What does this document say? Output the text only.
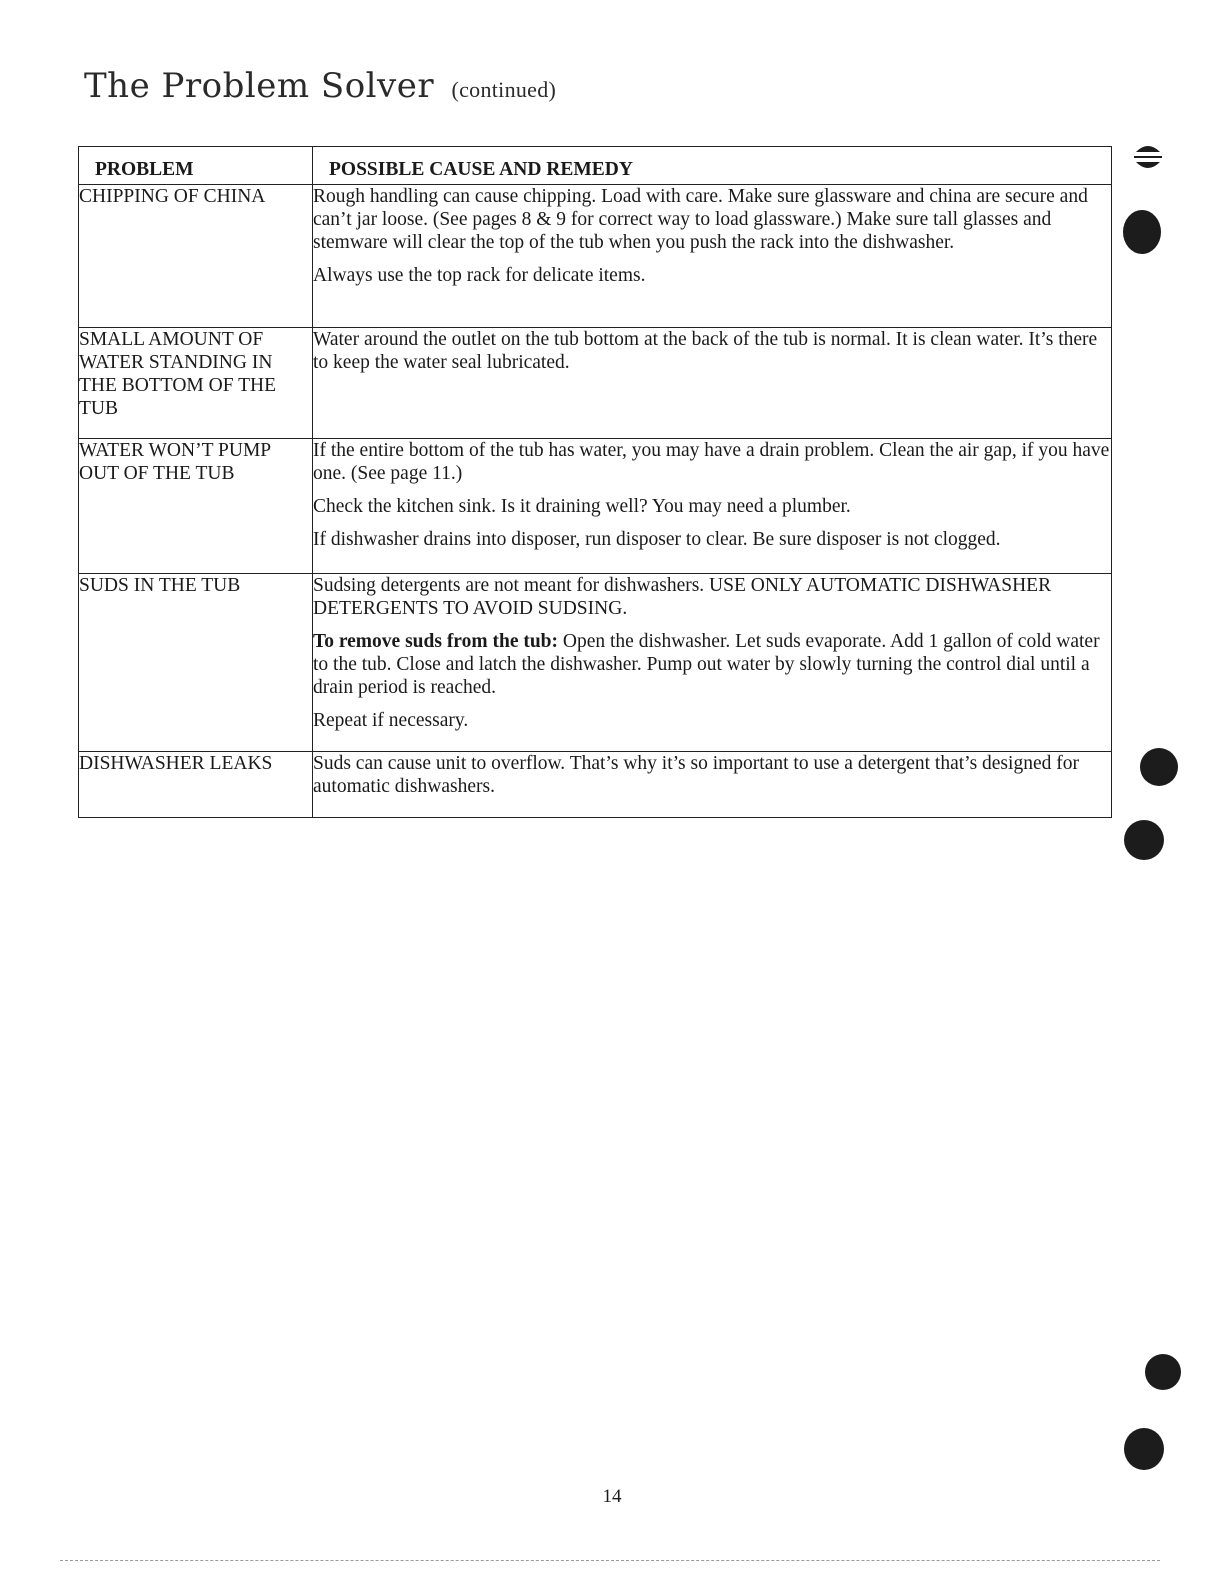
The Problem Solver (continued)
PROBLEM	POSSIBLE CAUSE AND REMEDY
CHIPPING OF CHINA	Rough handling can cause chipping. Load with care. Make sure glassware and china are secure and can’t jar loose. (See pages 8 & 9 for correct way to load glassware.) Make sure tall glasses and stemware will clear the top of the tub when you push the rack into the dishwasher.

Always use the top rack for delicate items.

SMALL AMOUNT OF WATER STANDING IN THE BOTTOM OF THE TUB	Water around the outlet on the tub bottom at the back of the tub is normal. It is clean water. It’s there to keep the water seal lubricated.

WATER WON’T PUMP OUT OF THE TUB	If the entire bottom of the tub has water, you may have a drain problem. Clean the air gap, if you have one. (See page 11.)

Check the kitchen sink. Is it draining well? You may need a plumber.

If dishwasher drains into disposer, run disposer to clear. Be sure disposer is not clogged.

SUDS IN THE TUB	Sudsing detergents are not meant for dishwashers. USE ONLY AUTOMATIC DISHWASHER DETERGENTS TO AVOID SUDSING.

To remove suds from the tub: Open the dishwasher. Let suds evaporate. Add 1 gallon of cold water to the tub. Close and latch the dishwasher. Pump out water by slowly turning the control dial until a drain period is reached.

Repeat if necessary.

DISHWASHER LEAKS	Suds can cause unit to overflow. That’s why it’s so important to use a detergent that’s designed for automatic dishwashers.

14
